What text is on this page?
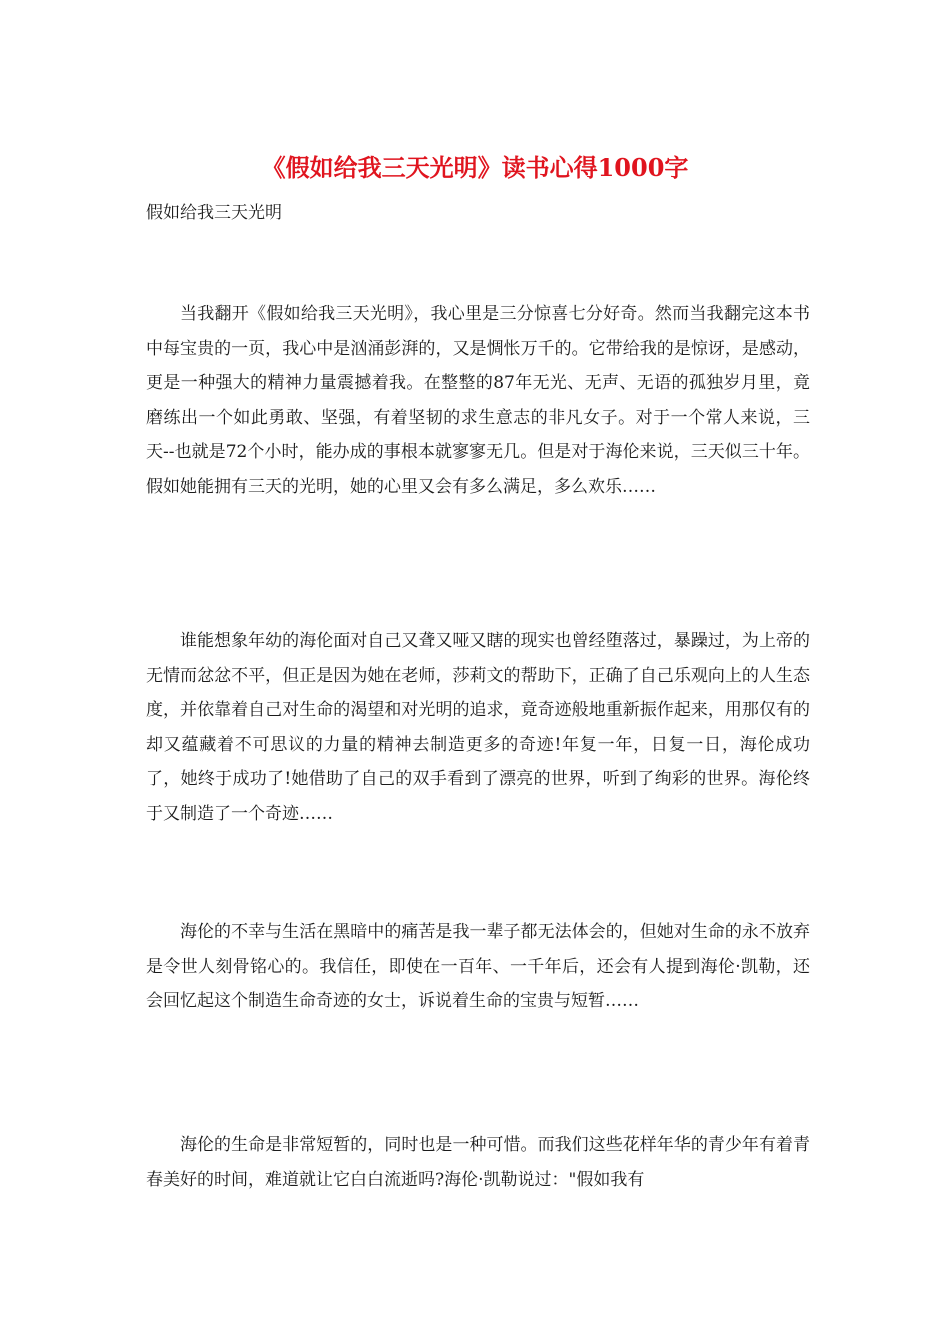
《假如给我三天光明》读书心得1000字

假如给我三天光明

当我翻开《假如给我三天光明》，我心里是三分惊喜七分好奇。然而当我翻完这本书中每宝贵的一页，我心中是汹涌彭湃的，又是惆怅万千的。它带给我的是惊讶，是感动，更是一种强大的精神力量震撼着我。在整整的87年无光、无声、无语的孤独岁月里，竟磨练出一个如此勇敢、坚强，有着坚韧的求生意志的非凡女子。对于一个常人来说，三天--也就是72个小时，能办成的事根本就寥寥无几。但是对于海伦来说，三天似三十年。假如她能拥有三天的光明，她的心里又会有多么满足，多么欢乐……

谁能想象年幼的海伦面对自己又聋又哑又瞎的现实也曾经堕落过，暴躁过，为上帝的无情而忿忿不平，但正是因为她在老师，莎莉文的帮助下，正确了自己乐观向上的人生态度，并依靠着自己对生命的渴望和对光明的追求，竟奇迹般地重新振作起来，用那仅有的却又蕴藏着不可思议的力量的精神去制造更多的奇迹!年复一年，日复一日，海伦成功了，她终于成功了!她借助了自己的双手看到了漂亮的世界，听到了绚彩的世界。海伦终于又制造了一个奇迹……

海伦的不幸与生活在黑暗中的痛苦是我一辈子都无法体会的，但她对生命的永不放弃是令世人刻骨铭心的。我信任，即使在一百年、一千年后，还会有人提到海伦·凯勒，还会回忆起这个制造生命奇迹的女士，诉说着生命的宝贵与短暂……

海伦的生命是非常短暂的，同时也是一种可惜。而我们这些花样年华的青少年有着青春美好的时间，难道就让它白白流逝吗?海伦·凯勒说过："假如我有
